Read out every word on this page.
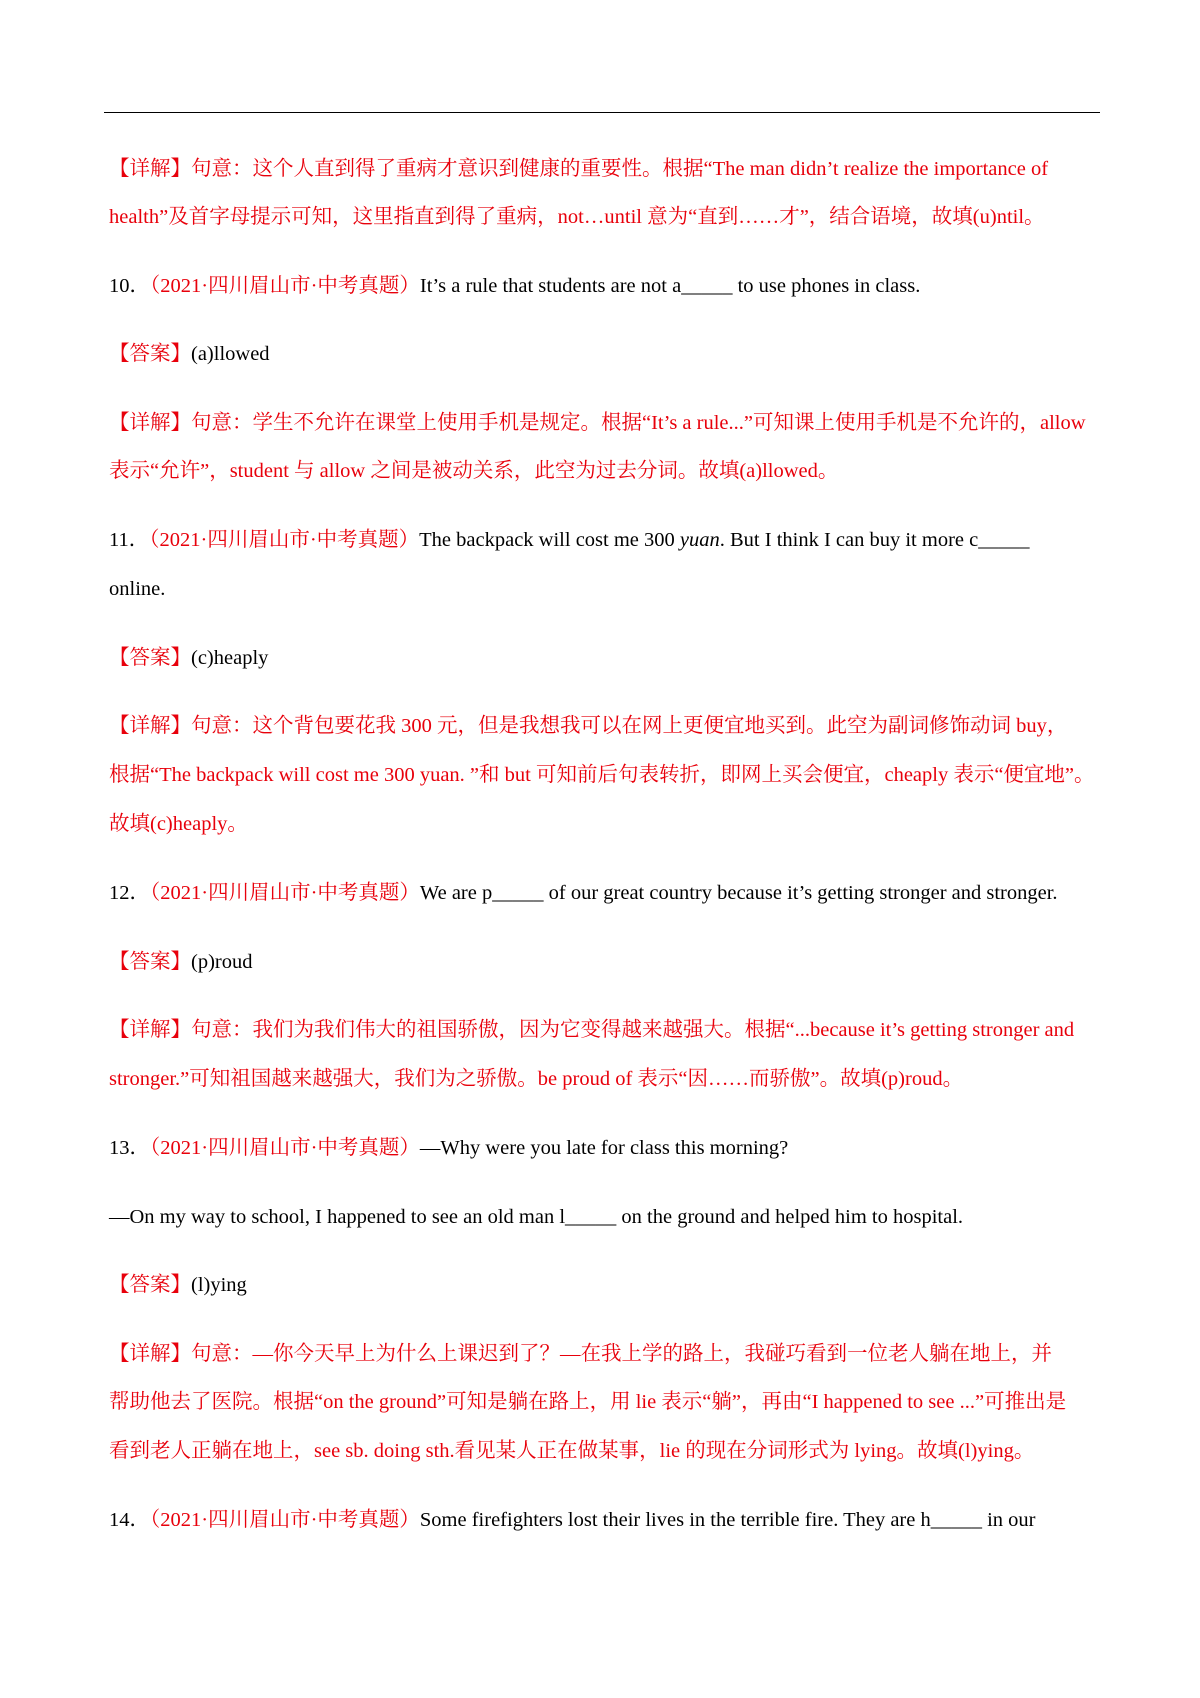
【详解】句意：这个人直到得了重病才意识到健康的重要性。根据“The man didn’t realize the importance of
health”及首字母提示可知，这里指直到得了重病，not…until 意为“直到……才”，结合语境，故填(u)ntil。
10．（2021·四川眉山市·中考真题）It’s a rule that students are not a_____ to use phones in class.
【答案】(a)llowed
【详解】句意：学生不允许在课堂上使用手机是规定。根据“It’s a rule...”可知课上使用手机是不允许的，allow
表示“允许”，student 与 allow 之间是被动关系，此空为过去分词。故填(a)llowed。
11．（2021·四川眉山市·中考真题）The backpack will cost me 300 yuan. But I think I can buy it more c_____
online.
【答案】(c)heaply
【详解】句意：这个背包要花我 300 元，但是我想我可以在网上更便宜地买到。此空为副词修饰动词 buy，
根据“The backpack will cost me 300 yuan. ”和 but 可知前后句表转折，即网上买会便宜，cheaply 表示“便宜地”。
故填(c)heaply。
12．（2021·四川眉山市·中考真题）We are p_____ of our great country because it’s getting stronger and stronger.
【答案】(p)roud
【详解】句意：我们为我们伟大的祖国骄傲，因为它变得越来越强大。根据“...because it’s getting stronger and
stronger.”可知祖国越来越强大，我们为之骄傲。be proud of 表示“因……而骄傲”。故填(p)roud。
13．（2021·四川眉山市·中考真题）—Why were you late for class this morning?
—On my way to school, I happened to see an old man l_____ on the ground and helped him to hospital.
【答案】(l)ying
【详解】句意：—你今天早上为什么上课迟到了？—在我上学的路上，我碰巧看到一位老人躺在地上，并
帮助他去了医院。根据“on the ground”可知是躺在路上，用 lie 表示“躺”，再由“I happened to see ...”可推出是
看到老人正躺在地上，see sb. doing sth.看见某人正在做某事，lie 的现在分词形式为 lying。故填(l)ying。
14．（2021·四川眉山市·中考真题）Some firefighters lost their lives in the terrible fire. They are h_____ in our
